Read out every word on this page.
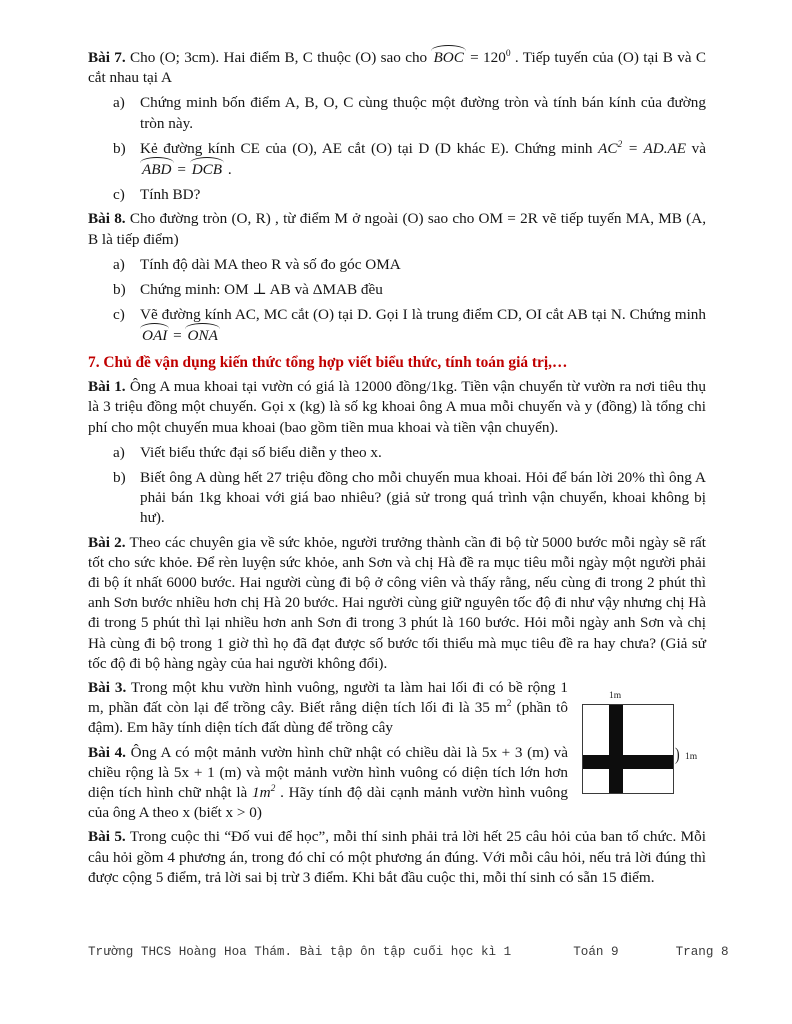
Bài 7. Cho (O; 3cm). Hai điểm B, C thuộc (O) sao cho BOC = $120^0$ . Tiếp tuyến của (O) tại B và C cắt nhau tại A

a) Chứng minh bốn điểm A, B, O, C cùng thuộc một đường tròn và tính bán kính của đường tròn này.
b) Kẻ đường kính CE của (O), AE cắt (O) tại D (D khác E). Chứng minh $AC^2 = AD.AE$ và ABD = DCB .
c) Tính BD?

Bài 8. Cho đường tròn (O, R) , từ điểm M ở ngoài (O) sao cho OM = 2R vẽ tiếp tuyến MA, MB (A, B là tiếp điểm)

a) Tính độ dài MA theo R và số đo góc OMA
b) Chứng minh: OM ⊥ AB và ΔMAB đều
c) Vẽ đường kính AC, MC cắt (O) tại D. Gọi I là trung điểm CD, OI cắt AB tại N. Chứng minh OAI = ONA
7. Chủ đề vận dụng kiến thức tổng hợp viết biểu thức, tính toán giá trị,…

Bài 1. Ông A mua khoai tại vườn có giá là 12000 đồng/1kg. Tiền vận chuyển từ vườn ra nơi tiêu thụ là 3 triệu đồng một chuyến. Gọi x (kg) là số kg khoai ông A mua mỗi chuyến và y (đồng) là tổng chi phí cho một chuyến mua khoai (bao gồm tiền mua khoai và tiền vận chuyển).

a) Viết biểu thức đại số biểu diễn y theo x.
b) Biết ông A dùng hết 27 triệu đồng cho mỗi chuyến mua khoai. Hỏi để bán lời 20% thì ông A phải bán 1kg khoai với giá bao nhiêu? (giả sử trong quá trình vận chuyển, khoai không bị hư).

Bài 2. Theo các chuyên gia về sức khỏe, người trưởng thành cần đi bộ từ 5000 bước mỗi ngày sẽ rất tốt cho sức khỏe. Để rèn luyện sức khỏe, anh Sơn và chị Hà đề ra mục tiêu mỗi ngày một người phải đi bộ ít nhất 6000 bước. Hai người cùng đi bộ ở công viên và thấy rằng, nếu cùng đi trong 2 phút thì anh Sơn bước nhiều hơn chị Hà 20 bước. Hai người cùng giữ nguyên tốc độ đi như vậy nhưng chị Hà đi trong 5 phút thì lại nhiều hơn anh Sơn đi trong 3 phút là 160 bước. Hỏi mỗi ngày anh Sơn và chị Hà cùng đi bộ trong 1 giờ thì họ đã đạt được số bước tối thiểu mà mục tiêu đề ra hay chưa? (Giả sử tốc độ đi bộ hàng ngày của hai người không đổi).

1m
) 1m
Bài 3. Trong một khu vườn hình vuông, người ta làm hai lối đi có bề rộng 1 m, phần đất còn lại để trồng cây. Biết rằng diện tích lối đi là 35 $m^2$ (phần tô đậm). Em hãy tính diện tích đất dùng để trồng cây

Bài 4. Ông A có một mảnh vườn hình chữ nhật có chiều dài là 5x + 3 (m) và chiều rộng là 5x + 1 (m) và một mảnh vườn hình vuông có diện tích lớn hơn diện tích hình chữ nhật là $1m^2$ . Hãy tính độ dài cạnh mảnh vườn hình vuông của ông A theo x (biết x > 0)

Bài 5. Trong cuộc thi “Đố vui để học”, mỗi thí sinh phải trả lời hết 25 câu hỏi của ban tổ chức. Mỗi câu hỏi gồm 4 phương án, trong đó chỉ có một phương án đúng. Với mỗi câu hỏi, nếu trả lời đúng thì được cộng 5 điểm, trả lời sai bị trừ 3 điểm. Khi bắt đầu cuộc thi, mỗi thí sinh có sẵn 15 điểm.

Trường THCS Hoàng Hoa Thám. Bài tập ôn tập cuối học kì 1	Toán 9	Trang 8
